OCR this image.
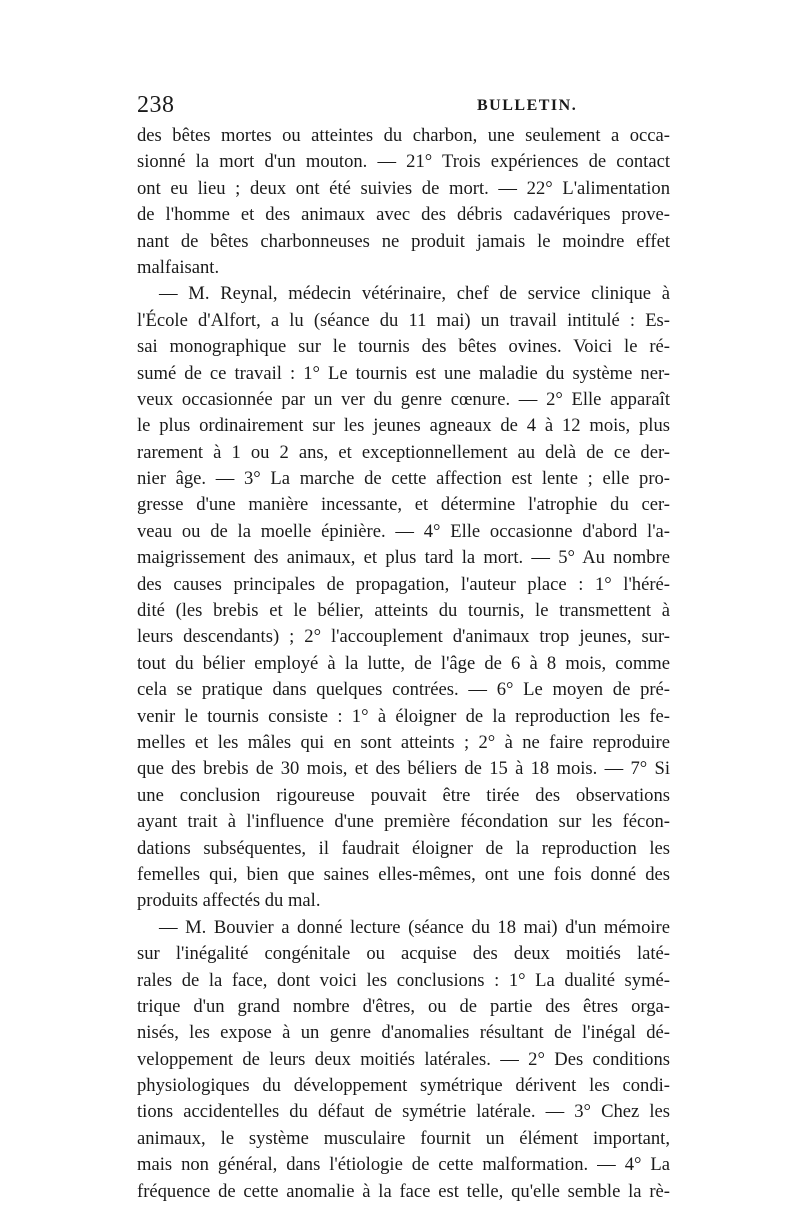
238	BULLETIN.
des bêtes mortes ou atteintes du charbon, une seulement a occa-
sionné la mort d'un mouton. — 21° Trois expériences de contact
ont eu lieu ; deux ont été suivies de mort. — 22° L'alimentation
de l'homme et des animaux avec des débris cadavériques prove-
nant de bêtes charbonneuses ne produit jamais le moindre effet
malfaisant.
— M. Reynal, médecin vétérinaire, chef de service clinique à
l'École d'Alfort, a lu (séance du 11 mai) un travail intitulé : Es-
sai monographique sur le tournis des bêtes ovines. Voici le ré-
sumé de ce travail : 1° Le tournis est une maladie du système ner-
veux occasionnée par un ver du genre cœnure. — 2° Elle apparaît
le plus ordinairement sur les jeunes agneaux de 4 à 12 mois, plus
rarement à 1 ou 2 ans, et exceptionnellement au delà de ce der-
nier âge. — 3° La marche de cette affection est lente ; elle pro-
gresse d'une manière incessante, et détermine l'atrophie du cer-
veau ou de la moelle épinière. — 4° Elle occasionne d'abord l'a-
maigrissement des animaux, et plus tard la mort. — 5° Au nombre
des causes principales de propagation, l'auteur place : 1° l'héré-
dité (les brebis et le bélier, atteints du tournis, le transmettent à
leurs descendants) ; 2° l'accouplement d'animaux trop jeunes, sur-
tout du bélier employé à la lutte, de l'âge de 6 à 8 mois, comme
cela se pratique dans quelques contrées. — 6° Le moyen de pré-
venir le tournis consiste : 1° à éloigner de la reproduction les fe-
melles et les mâles qui en sont atteints ; 2° à ne faire reproduire
que des brebis de 30 mois, et des béliers de 15 à 18 mois. — 7° Si
une conclusion rigoureuse pouvait être tirée des observations
ayant trait à l'influence d'une première fécondation sur les fécon-
dations subséquentes, il faudrait éloigner de la reproduction les
femelles qui, bien que saines elles-mêmes, ont une fois donné des
produits affectés du mal.
— M. Bouvier a donné lecture (séance du 18 mai) d'un mémoire
sur l'inégalité congénitale ou acquise des deux moitiés laté-
rales de la face, dont voici les conclusions : 1° La dualité symé-
trique d'un grand nombre d'êtres, ou de partie des êtres orga-
nisés, les expose à un genre d'anomalies résultant de l'inégal dé-
veloppement de leurs deux moitiés latérales. — 2° Des conditions
physiologiques du développement symétrique dérivent les condi-
tions accidentelles du défaut de symétrie latérale. — 3° Chez les
animaux, le système musculaire fournit un élément important,
mais non général, dans l'étiologie de cette malformation. — 4° La
fréquence de cette anomalie à la face est telle, qu'elle semble la rè-
